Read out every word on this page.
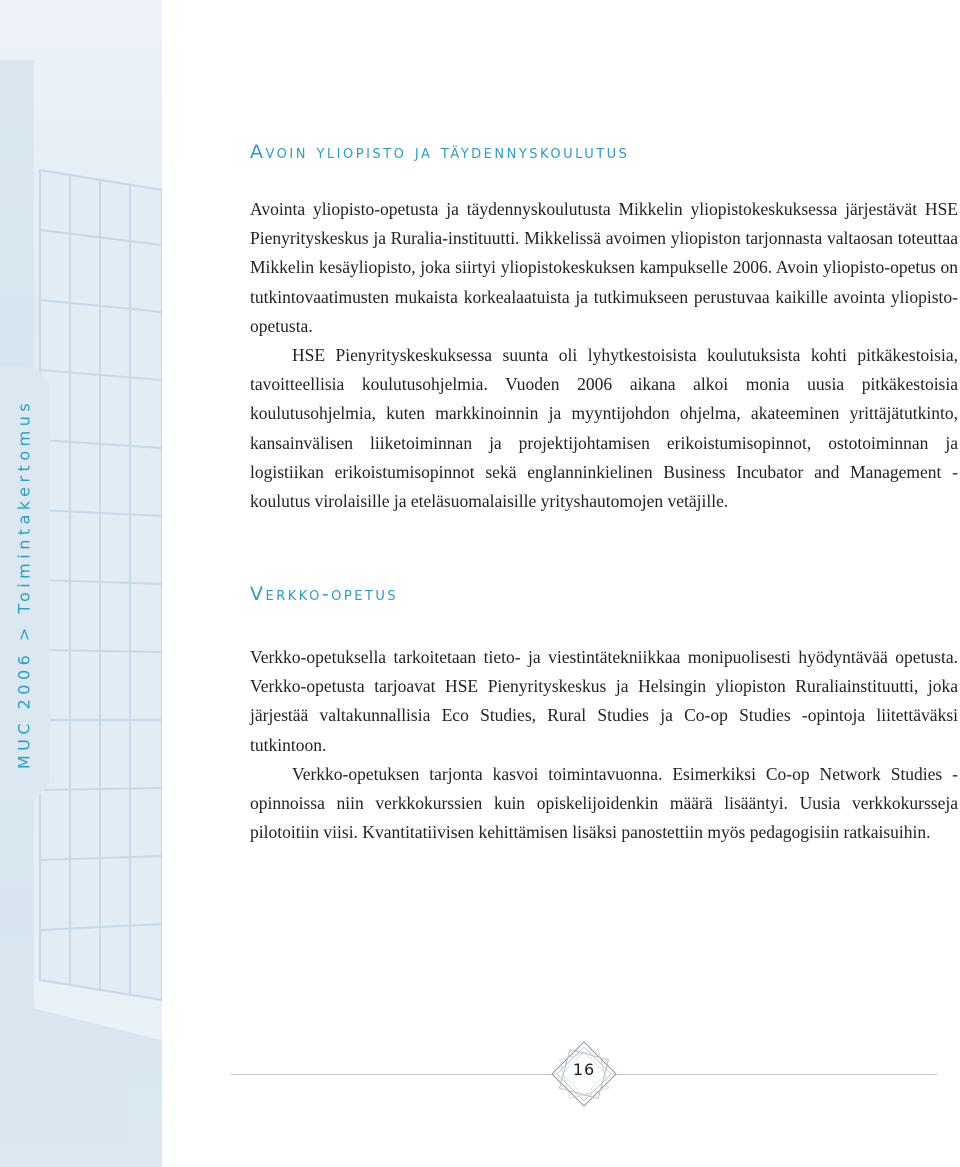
MUC 2006 > Toimintakertomus
Avoin yliopisto ja täydennyskoulutus

Avointa yliopisto-opetusta ja täydennyskoulutusta Mikkelin yliopistokeskuksessa järjestävät HSE Pienyrityskeskus ja Ruralia-instituutti. Mikkelissä avoimen yliopiston tarjonnasta valtaosan toteuttaa Mikkelin kesäyliopisto, joka siirtyi yliopistokeskuksen kampukselle 2006. Avoin yliopisto-opetus on tutkintovaatimusten mukaista korkealaatuista ja tutkimukseen perustuvaa kaikille avointa yliopisto-opetusta.

HSE Pienyrityskeskuksessa suunta oli lyhytkestoisista koulutuksista kohti pitkäkestoisia, tavoitteellisia koulutusohjelmia. Vuoden 2006 aikana alkoi monia uusia pitkäkestoisia koulutusohjelmia, kuten markkinoinnin ja myyntijohdon ohjelma, akateeminen yrittäjätutkinto, kansainvälisen liiketoiminnan ja projektijohtamisen erikoistumisopinnot, ostotoiminnan ja logistiikan erikoistumisopinnot sekä englanninkielinen Business Incubator and Management -koulutus virolaisille ja eteläsuomalaisille yrityshautomojen vetäjille.

Verkko-opetus

Verkko-opetuksella tarkoitetaan tieto- ja viestintätekniikkaa monipuolisesti hyödyntävää opetusta. Verkko-opetusta tarjoavat HSE Pienyrityskeskus ja Helsingin yliopiston Ruraliainstituutti, joka järjestää valtakunnallisia Eco Studies, Rural Studies ja Co-op Studies -opintoja liitettäväksi tutkintoon.

Verkko-opetuksen tarjonta kasvoi toimintavuonna. Esimerkiksi Co-op Network Studies -opinnoissa niin verkkokurssien kuin opiskelijoidenkin määrä lisääntyi. Uusia verkkokursseja pilotoitiin viisi. Kvantitatiivisen kehittämisen lisäksi panostettiin myös pedagogisiin ratkaisuihin.

16
